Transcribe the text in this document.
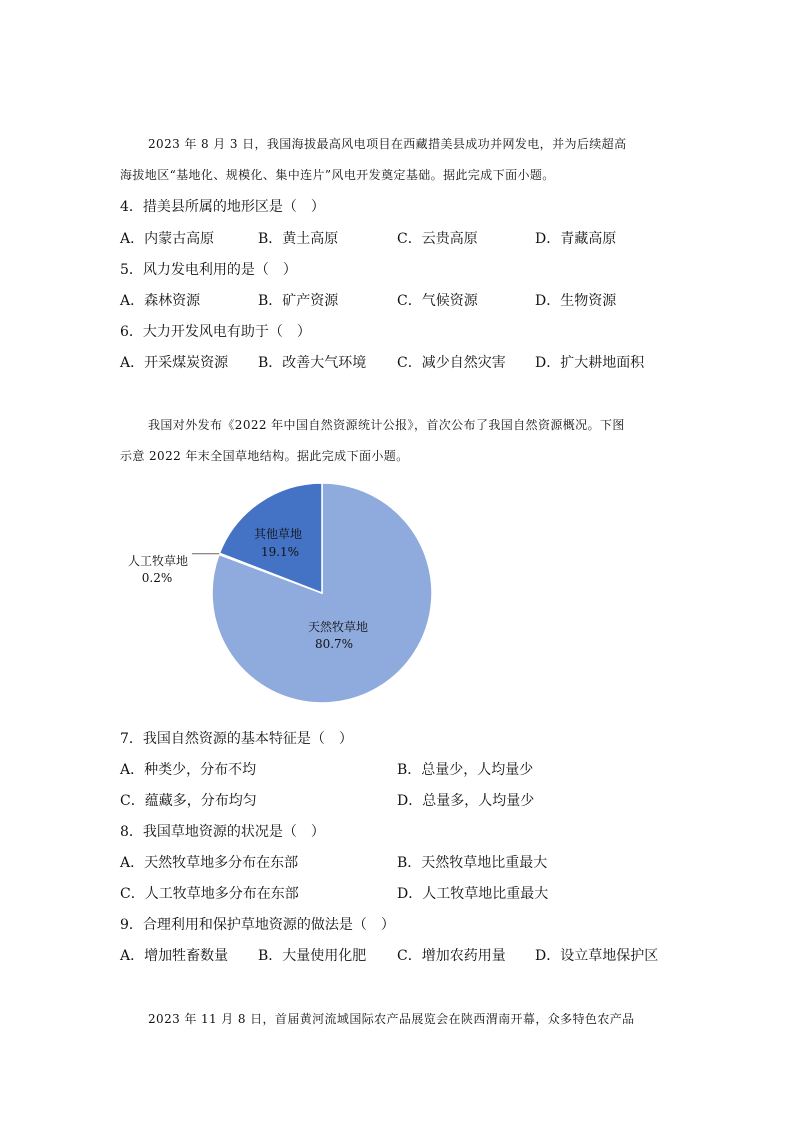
2023 年 8 月 3 日，我国海拔最高风电项目在西藏措美县成功并网发电，并为后续超高
海拔地区“基地化、规模化、集中连片”风电开发奠定基础。据此完成下面小题。
4．措美县所属的地形区是（　）
A．内蒙古高原	B．黄土高原	C．云贵高原	D．青藏高原
5．风力发电利用的是（　）
A．森林资源	B．矿产资源	C．气候资源	D．生物资源
6．大力开发风电有助于（　）
A．开采煤炭资源 B．改善大气环境 C．减少自然灾害 D．扩大耕地面积
我国对外发布《2022 年中国自然资源统计公报》，首次公布了我国自然资源概况。下图
示意 2022 年末全国草地结构。据此完成下面小题。
天然牧草地
80.7%
其他草地
19.1%
人工牧草地
0.2%
7．我国自然资源的基本特征是（　）
A．种类少，分布不均	B．总量少，人均量少
C．蕴藏多，分布均匀	D．总量多，人均量少
8．我国草地资源的状况是（　）
A．天然牧草地多分布在东部	B．天然牧草地比重最大
C．人工牧草地多分布在东部	D．人工牧草地比重最大
9．合理利用和保护草地资源的做法是（　）
A．增加牲畜数量 B．大量使用化肥 C．增加农药用量 D．设立草地保护区
2023 年 11 月 8 日，首届黄河流域国际农产品展览会在陕西渭南开幕，众多特色农产品
